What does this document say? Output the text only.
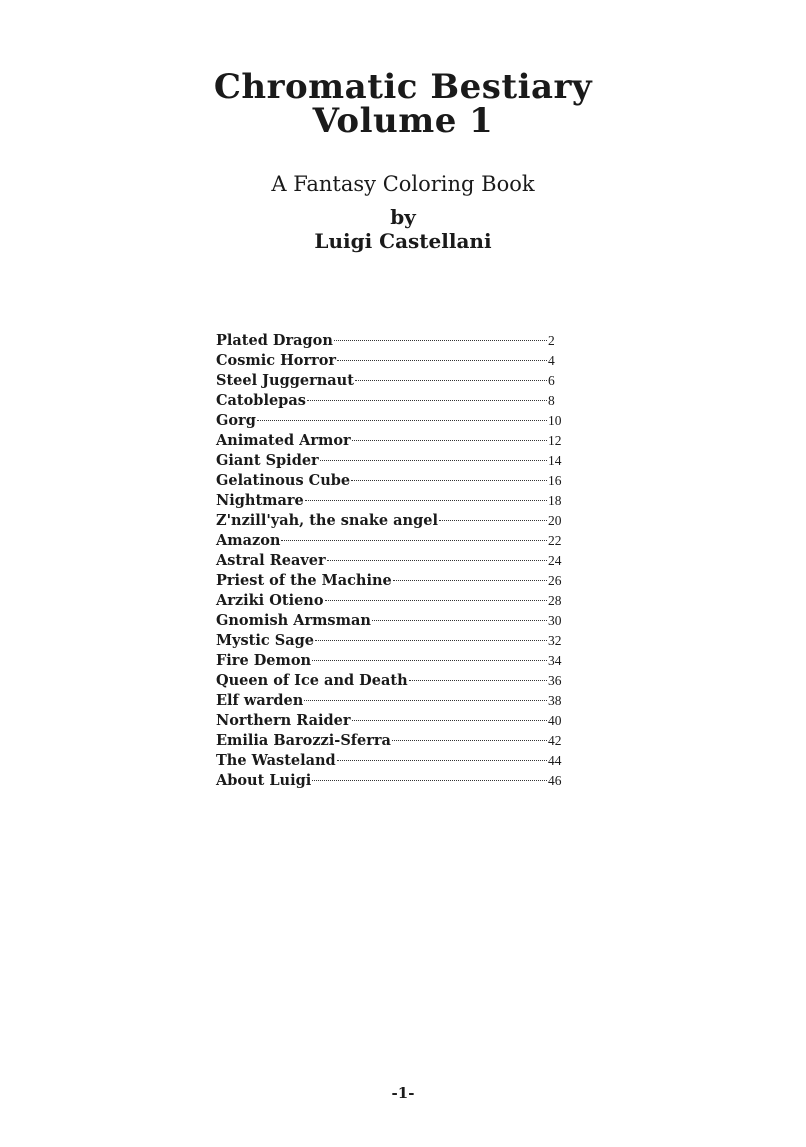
Chromatic Bestiary
Volume 1
A Fantasy Coloring Book
by
Luigi Castellani
Plated Dragon	2
Cosmic Horror	4
Steel Juggernaut	6
Catoblepas	8
Gorg	10
Animated Armor	12
Giant Spider	14
Gelatinous Cube	16
Nightmare	18
Z'nzill'yah, the snake angel	20
Amazon	22
Astral Reaver	24
Priest of the Machine	26
Arziki Otieno	28
Gnomish Armsman	30
Mystic Sage	32
Fire Demon	34
Queen of Ice and Death	36
Elf warden	38
Northern Raider	40
Emilia Barozzi-Sferra	42
The Wasteland	44
About Luigi	46
-1-
